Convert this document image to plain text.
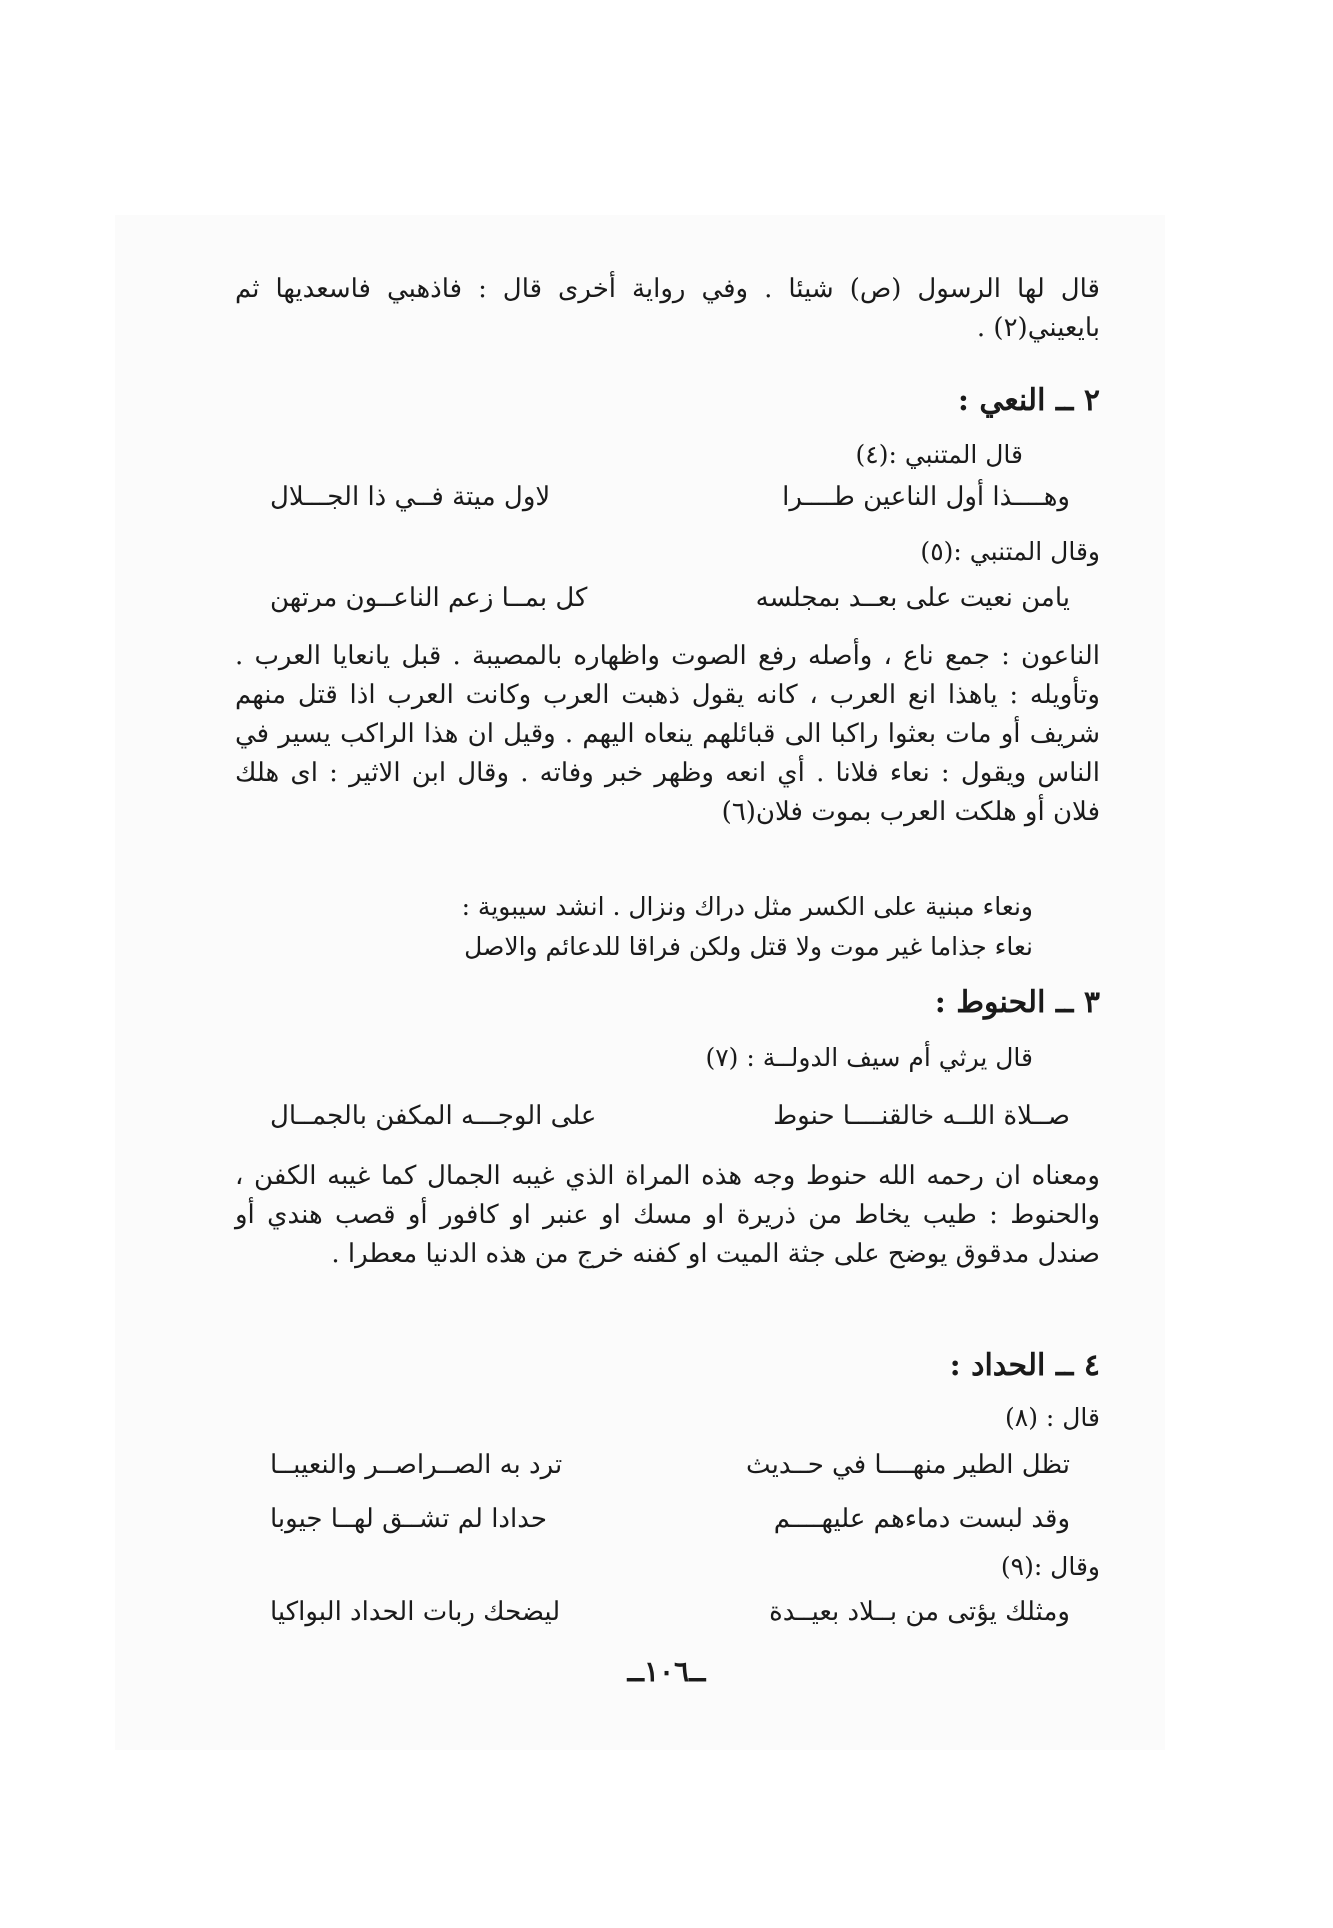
قال لها الرسول (ص) شيئا . وفي رواية أخرى قال : فاذهبي فاسعديها ثم بايعيني(٢) .
٢ ــ النعي :
قال المتنبي :(٤)
وهــــذا أول الناعين طــــرا
لاول ميتة فــي ذا الجـــلال
وقال المتنبي :(٥)
يامن نعيت على بعــد بمجلسه
كل بمــا زعم الناعــون مرتهن
الناعون : جمع ناع ، وأصله رفع الصوت واظهاره بالمصيبة . قبل يانعايا العرب . وتأويله : ياهذا انع العرب ، كانه يقول ذهبت العرب وكانت العرب اذا قتل منهم شريف أو مات بعثوا راكبا الى قبائلهم ينعاه اليهم . وقيل ان هذا الراكب يسير في الناس ويقول : نعاء فلانا . أي انعه وظهر خبر وفاته . وقال ابن الاثير : اى هلك فلان أو هلكت العرب بموت فلان(٦)
ونعاء مبنية على الكسر مثل دراك ونزال . انشد سيبوية :
نعاء جذاما غير موت ولا قتل ولكن فراقا للدعائم والاصل
٣ ــ الحنوط :
قال يرثي أم سيف الدولــة : (٧)
صــلاة اللــه خالقنــــا حنوط
على الوجـــه المكفن بالجمــال
ومعناه ان رحمه الله حنوط وجه هذه المراة الذي غيبه الجمال كما غيبه الكفن ، والحنوط : طيب يخاط من ذريرة او مسك او عنبر او كافور أو قصب هندي أو صندل مدقوق يوضح على جثة الميت او كفنه خرج من هذه الدنيا معطرا .
٤ ــ الحداد :
قال : (٨)
تظل الطير منهــــا في حــديث
ترد به الصــراصــر والنعيبــا
وقد لبست دماءهم عليهــــم
حدادا لم تشــق لهــا جيوبا
وقال :(٩)
ومثلك يؤتى من بــلاد بعيــدة
ليضحك ربات الحداد البواكيا
ــ١٠٦ــ
